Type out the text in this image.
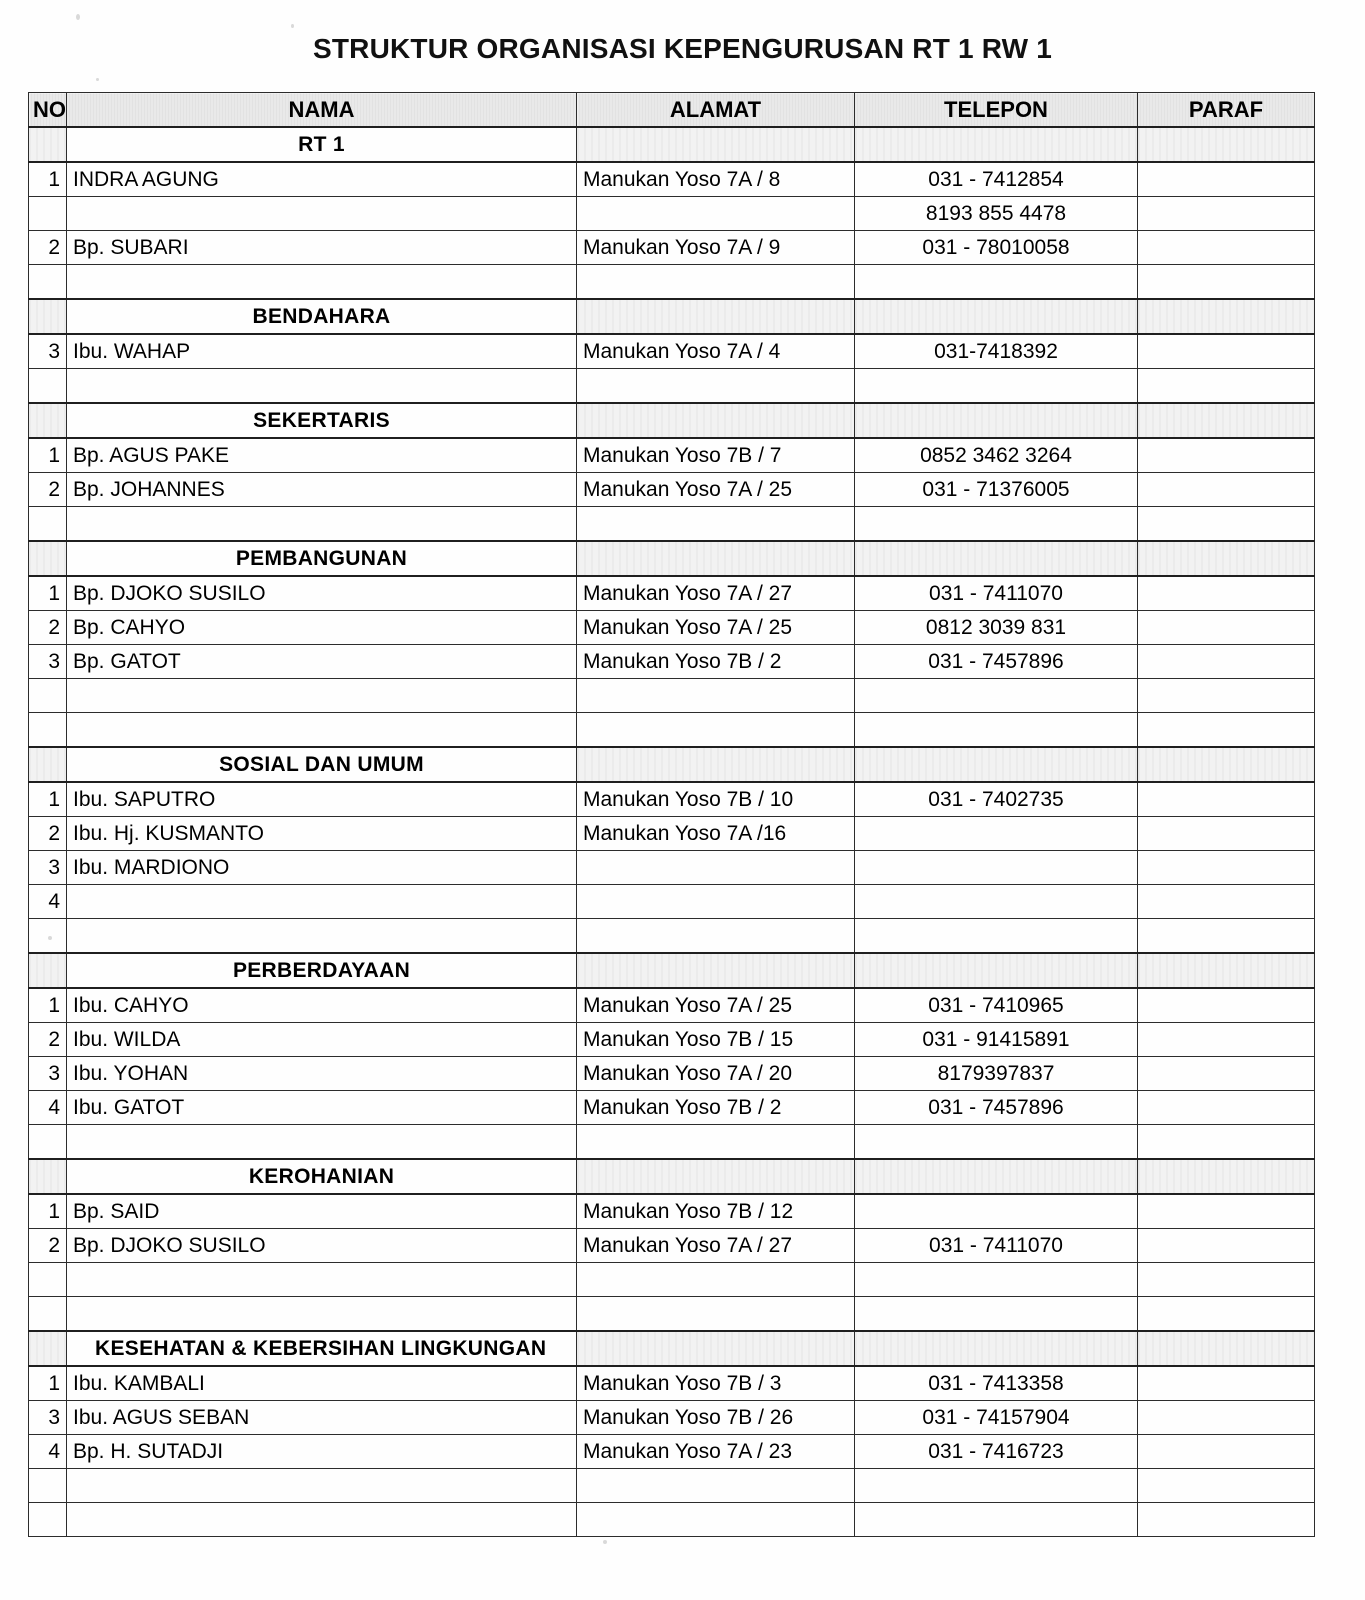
STRUKTUR ORGANISASI KEPENGURUSAN RT 1 RW 1
NO	NAMA	ALAMAT	TELEPON	PARAF
	RT 1			
1	INDRA AGUNG	Manukan Yoso 7A / 8	031 - 7412854	
			8193 855 4478	
2	Bp. SUBARI	Manukan Yoso 7A / 9	031 - 78010058	

	BENDAHARA			
3	Ibu. WAHAP	Manukan Yoso 7A / 4	031-7418392	

	SEKERTARIS			
1	Bp. AGUS PAKE	Manukan Yoso 7B / 7	0852 3462 3264	
2	Bp. JOHANNES	Manukan Yoso 7A / 25	031 - 71376005	

	PEMBANGUNAN			
1	Bp. DJOKO SUSILO	Manukan Yoso 7A / 27	031 - 7411070	
2	Bp. CAHYO	Manukan Yoso 7A / 25	0812 3039 831	
3	Bp. GATOT	Manukan Yoso 7B / 2	031 - 7457896	

	SOSIAL DAN UMUM			
1	Ibu. SAPUTRO	Manukan Yoso 7B / 10	031 - 7402735	
2	Ibu. Hj. KUSMANTO	Manukan Yoso 7A /16		
3	Ibu. MARDIONO			
4				

	PERBERDAYAAN			
1	Ibu. CAHYO	Manukan Yoso 7A / 25	031 - 7410965	
2	Ibu. WILDA	Manukan Yoso 7B / 15	031 - 91415891	
3	Ibu. YOHAN	Manukan Yoso 7A / 20	8179397837	
4	Ibu. GATOT	Manukan Yoso 7B / 2	031 - 7457896	

	KEROHANIAN			
1	Bp. SAID	Manukan Yoso 7B / 12		
2	Bp. DJOKO SUSILO	Manukan Yoso 7A / 27	031 - 7411070	

	KESEHATAN & KEBERSIHAN LINGKUNGAN			
1	Ibu. KAMBALI	Manukan Yoso 7B / 3	031 - 7413358	
3	Ibu. AGUS SEBAN	Manukan Yoso 7B / 26	031 - 74157904	
4	Bp. H. SUTADJI	Manukan Yoso 7A / 23	031 - 7416723	
